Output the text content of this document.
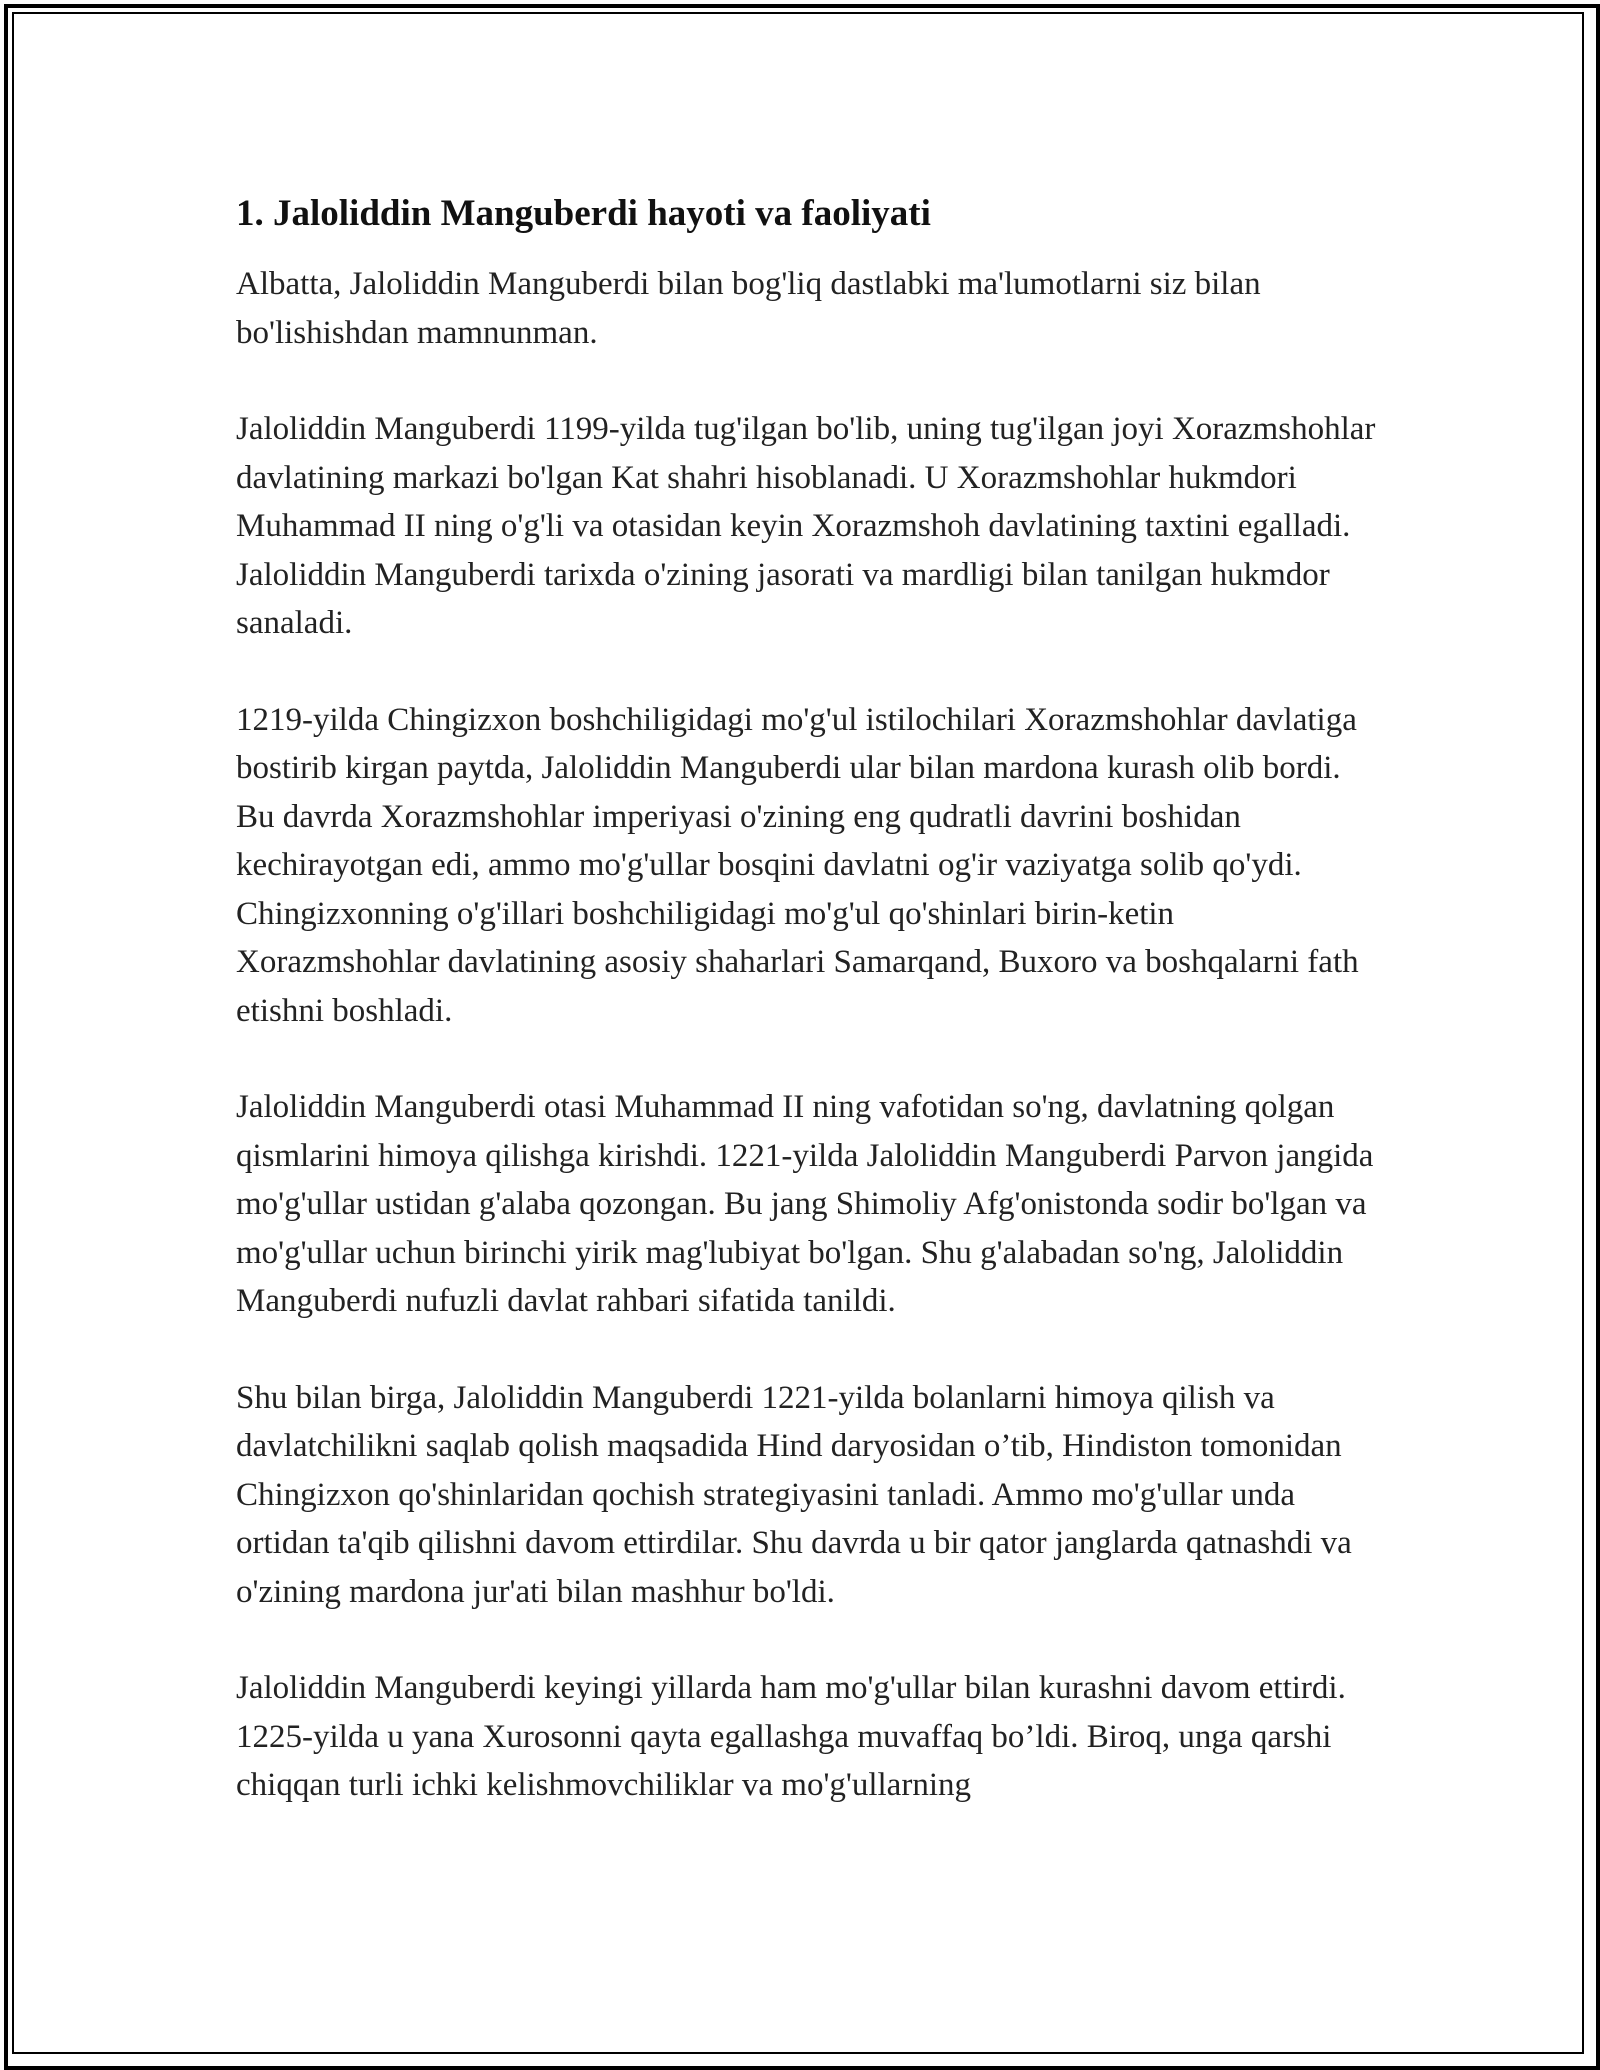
1. Jaloliddin Manguberdi hayoti va faoliyati

Albatta, Jaloliddin Manguberdi bilan bog'liq dastlabki ma'lumotlarni siz bilan bo'lishishdan mamnunman.

Jaloliddin Manguberdi 1199-yilda tug'ilgan bo'lib, uning tug'ilgan joyi Xorazmshohlar davlatining markazi bo'lgan Kat shahri hisoblanadi. U Xorazmshohlar hukmdori Muhammad II ning o'g'li va otasidan keyin Xorazmshoh davlatining taxtini egalladi. Jaloliddin Manguberdi tarixda o'zining jasorati va mardligi bilan tanilgan hukmdor sanaladi.

1219-yilda Chingizxon boshchiligidagi mo'g'ul istilochilari Xorazmshohlar davlatiga bostirib kirgan paytda, Jaloliddin Manguberdi ular bilan mardona kurash olib bordi. Bu davrda Xorazmshohlar imperiyasi o'zining eng qudratli davrini boshidan kechirayotgan edi, ammo mo'g'ullar bosqini davlatni og'ir vaziyatga solib qo'ydi. Chingizxonning o'g'illari boshchiligidagi mo'g'ul qo'shinlari birin-ketin Xorazmshohlar davlatining asosiy shaharlari Samarqand, Buxoro va boshqalarni fath etishni boshladi.

Jaloliddin Manguberdi otasi Muhammad II ning vafotidan so'ng, davlatning qolgan qismlarini himoya qilishga kirishdi. 1221-yilda Jaloliddin Manguberdi Parvon jangida mo'g'ullar ustidan g'alaba qozongan. Bu jang Shimoliy Afg'onistonda sodir bo'lgan va mo'g'ullar uchun birinchi yirik mag'lubiyat bo'lgan. Shu g'alabadan so'ng, Jaloliddin Manguberdi nufuzli davlat rahbari sifatida tanildi.

Shu bilan birga, Jaloliddin Manguberdi 1221-yilda bolanlarni himoya qilish va davlatchilikni saqlab qolish maqsadida Hind daryosidan o’tib, Hindiston tomonidan Chingizxon qo'shinlaridan qochish strategiyasini tanladi. Ammo mo'g'ullar unda ortidan ta'qib qilishni davom ettirdilar. Shu davrda u bir qator janglarda qatnashdi va o'zining mardona jur'ati bilan mashhur bo'ldi.

Jaloliddin Manguberdi keyingi yillarda ham mo'g'ullar bilan kurashni davom ettirdi. 1225-yilda u yana Xurosonni qayta egallashga muvaffaq bo’ldi. Biroq, unga qarshi chiqqan turli ichki kelishmovchiliklar va mo'g'ullarning
